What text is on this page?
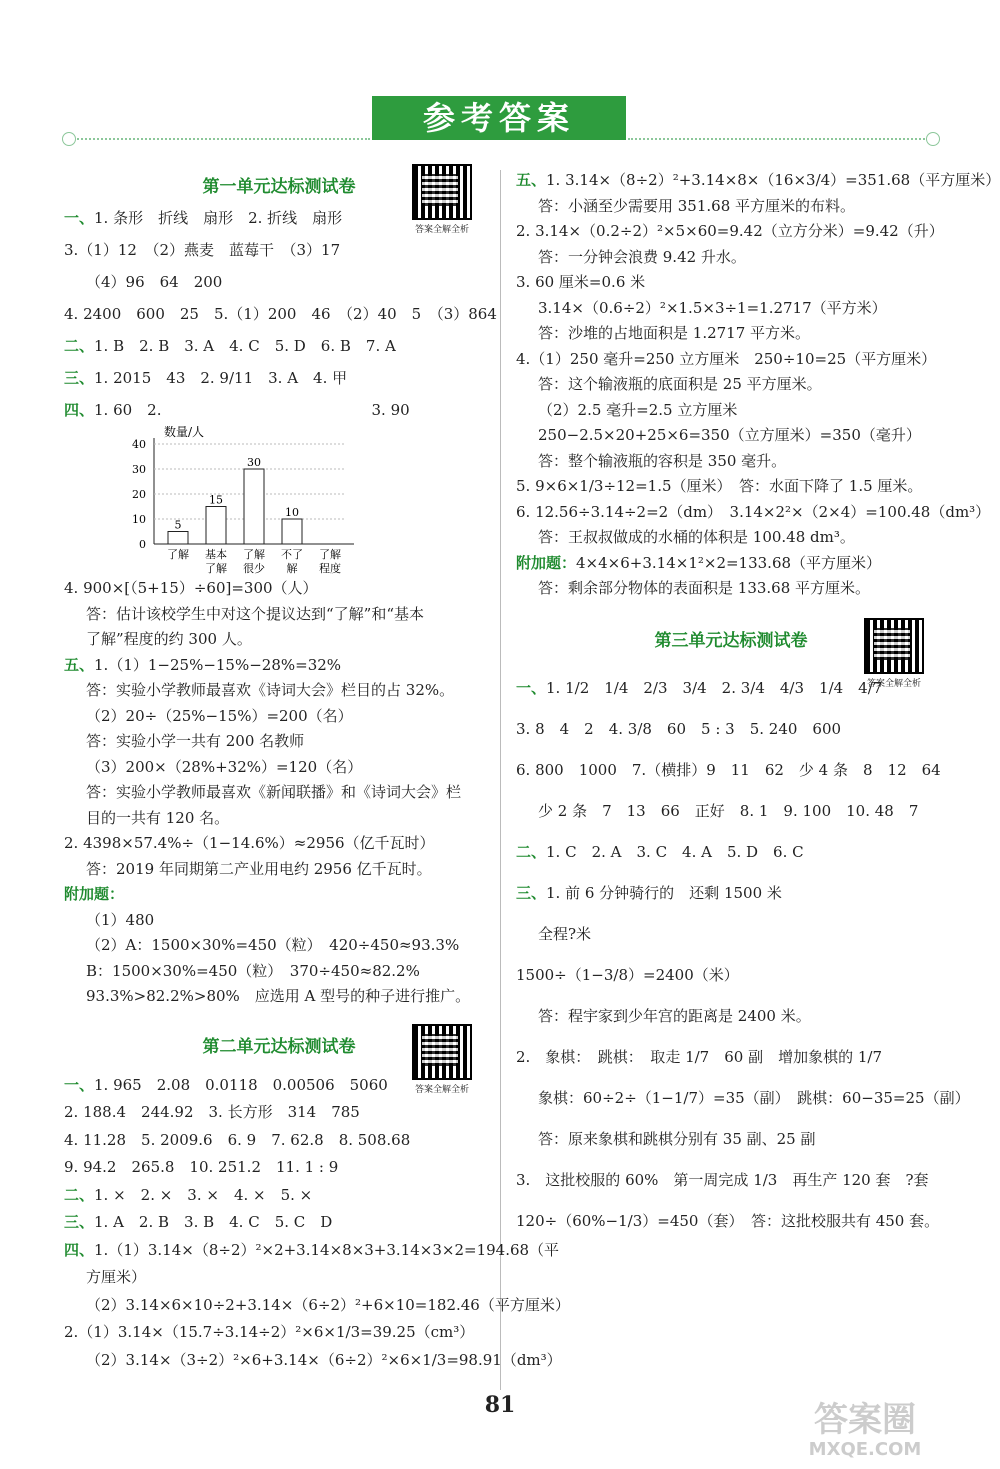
参考答案
第一单元达标测试卷
答案全解全析
一、1. 条形　折线　扇形　2. 折线　扇形
3.（1）12　（2）燕麦　蓝莓干　（3）17
（4）96　64　200
4. 2400　600　25　5.（1）200　46　（2）40　5　（3）864
二、1. B　2. B　3. A　4. C　5. D　6. B　7. A
三、1. 2015　43　2. 9/11　3. A　4. 甲
四、1. 60　2.　　　　　　　　　　　　　　3. 90
数量/人
40
30
20
10
0
5
15
30
10
了解 基本
了解
了解
很少
不了
解
了解
程度
4. 900×[（5+15）÷60]=300（人）
答：估计该校学生中对这个提议达到“了解”和“基本
了解”程度的约 300 人。
五、1.（1）1−25%−15%−28%=32%
答：实验小学教师最喜欢《诗词大会》栏目的占 32%。
（2）20÷（25%−15%）=200（名）
答：实验小学一共有 200 名教师
（3）200×（28%+32%）=120（名）
答：实验小学教师最喜欢《新闻联播》和《诗词大会》栏
目的一共有 120 名。
2. 4398×57.4%÷（1−14.6%）≈2956（亿千瓦时）
答：2019 年同期第二产业用电约 2956 亿千瓦时。
附加题：
（1）480
（2）A：1500×30%=450（粒）　420÷450≈93.3%
B：1500×30%=450（粒）　370÷450≈82.2%
93.3%>82.2%>80%　应选用 A 型号的种子进行推广。
第二单元达标测试卷
答案全解全析
一、1. 965　2.08　0.0118　0.00506　5060
2. 188.4　244.92　3. 长方形　314　785
4. 11.28　5. 2009.6　6. 9　7. 62.8　8. 508.68
9. 94.2　265.8　10. 251.2　11. 1 : 9
二、1. ×　2. ×　3. ×　4. ×　5. ×
三、1. A　2. B　3. B　4. C　5. C　D
四、1.（1）3.14×（8÷2）²×2+3.14×8×3+3.14×3×2=194.68（平
方厘米）
（2）3.14×6×10÷2+3.14×（6÷2）²+6×10=182.46（平方厘米）
2.（1）3.14×（15.7÷3.14÷2）²×6×1/3=39.25（cm³）
（2）3.14×（3÷2）²×6+3.14×（6÷2）²×6×1/3=98.91（dm³）
五、1. 3.14×（8÷2）²+3.14×8×（16×3/4）=351.68（平方厘米）
答：小涵至少需要用 351.68 平方厘米的布料。
2. 3.14×（0.2÷2）²×5×60=9.42（立方分米）=9.42（升）
答：一分钟会浪费 9.42 升水。
3. 60 厘米=0.6 米
3.14×（0.6÷2）²×1.5×3÷1=1.2717（平方米）
答：沙堆的占地面积是 1.2717 平方米。
4.（1）250 毫升=250 立方厘米　250÷10=25（平方厘米）
答：这个输液瓶的底面积是 25 平方厘米。
（2）2.5 毫升=2.5 立方厘米
250−2.5×20+25×6=350（立方厘米）=350（毫升）
答：整个输液瓶的容积是 350 毫升。
5. 9×6×1/3÷12=1.5（厘米）　答：水面下降了 1.5 厘米。
6. 12.56÷3.14÷2=2（dm）　3.14×2²×（2×4）=100.48（dm³）
答：王叔叔做成的水桶的体积是 100.48 dm³。
附加题：4×4×6+3.14×1²×2=133.68（平方厘米）
答：剩余部分物体的表面积是 133.68 平方厘米。
第三单元达标测试卷
答案全解全析
一、1. 1/2　1/4　2/3　3/4　2. 3/4　4/3　1/4　4/7
3. 8　4　2　4. 3/8　60　5 : 3　5. 240　600
6. 800　1000　7.（横排）9　11　62　少 4 条　8　12　64
少 2 条　7　13　66　正好　8. 1　9. 100　10. 48　7
二、1. C　2. A　3. C　4. A　5. D　6. C
三、1. 前 6 分钟骑行的　还剩 1500 米
全程?米
1500÷（1−3/8）=2400（米）
答：程宇家到少年宫的距离是 2400 米。
2.　象棋：　跳棋：　取走 1/7　60 副　增加象棋的 1/7
象棋：60÷2÷（1−1/7）=35（副）　跳棋：60−35=25（副）
答：原来象棋和跳棋分别有 35 副、25 副
3.　这批校服的 60%　第一周完成 1/3　再生产 120 套　?套
120÷（60%−1/3）=450（套）　答：这批校服共有 450 套。
81	答案圈
MXQE.COM
